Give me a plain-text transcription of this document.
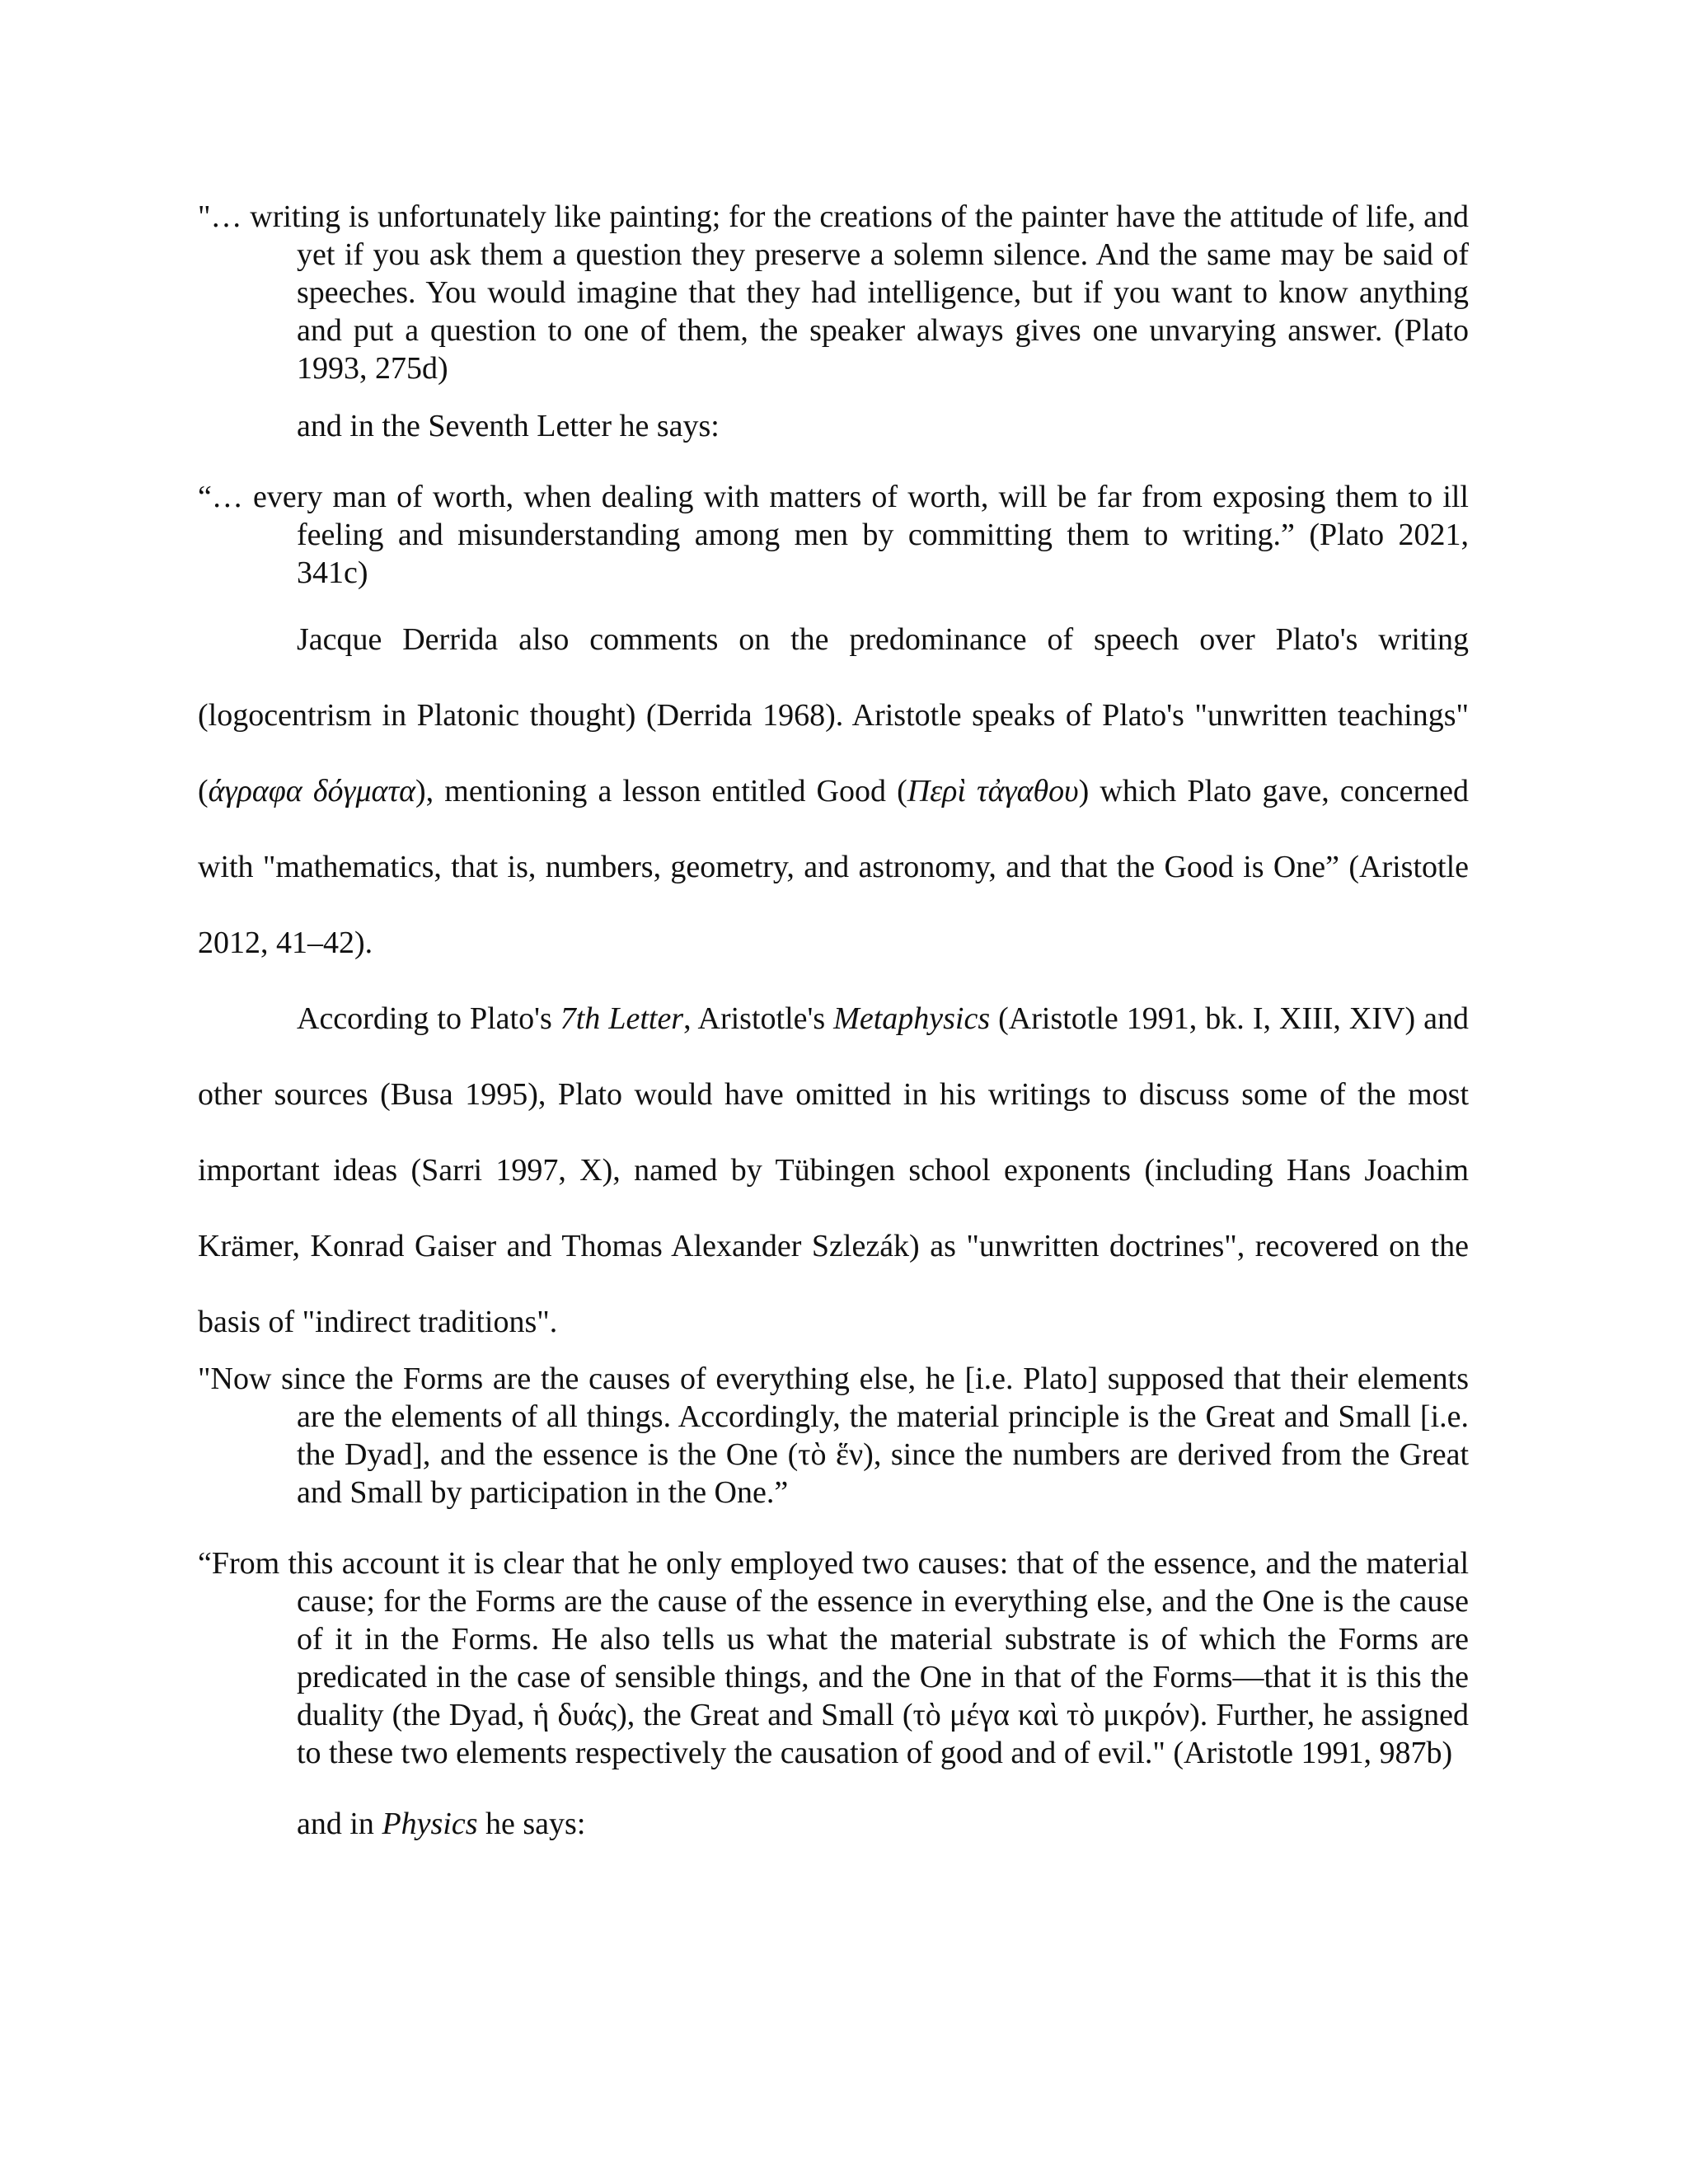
"… writing is unfortunately like painting; for the creations of the painter have the attitude of life, and yet if you ask them a question they preserve a solemn silence. And the same may be said of speeches. You would imagine that they had intelligence, but if you want to know anything and put a question to one of them, the speaker always gives one unvarying answer. (Plato 1993, 275d)

and in the Seventh Letter he says:

“… every man of worth, when dealing with matters of worth, will be far from exposing them to ill feeling and misunderstanding among men by committing them to writing.” (Plato 2021, 341c)

Jacque Derrida also comments on the predominance of speech over Plato's writing (logocentrism in Platonic thought) (Derrida 1968). Aristotle speaks of Plato's "unwritten teachings" (άγραφα δόγματα), mentioning a lesson entitled Good (Περὶ τἀγαθου) which Plato gave, concerned with "mathematics, that is, numbers, geometry, and astronomy, and that the Good is One” (Aristotle 2012, 41–42).

According to Plato's 7th Letter, Aristotle's Metaphysics (Aristotle 1991, bk. I, XIII, XIV) and other sources (Busa 1995), Plato would have omitted in his writings to discuss some of the most important ideas (Sarri 1997, X), named by Tübingen school exponents (including Hans Joachim Krämer, Konrad Gaiser and Thomas Alexander Szlezák) as "unwritten doctrines", recovered on the basis of "indirect traditions".

"Now since the Forms are the causes of everything else, he [i.e. Plato] supposed that their elements are the elements of all things. Accordingly, the material principle is the Great and Small [i.e. the Dyad], and the essence is the One (τὸ ἕν), since the numbers are derived from the Great and Small by participation in the One.”

“From this account it is clear that he only employed two causes: that of the essence, and the material cause; for the Forms are the cause of the essence in everything else, and the One is the cause of it in the Forms. He also tells us what the material substrate is of which the Forms are predicated in the case of sensible things, and the One in that of the Forms—that it is this the duality (the Dyad, ἡ δυάς), the Great and Small (τὸ μέγα καὶ τὸ μικρόν). Further, he assigned to these two elements respectively the causation of good and of evil." (Aristotle 1991, 987b)

and in Physics he says:
